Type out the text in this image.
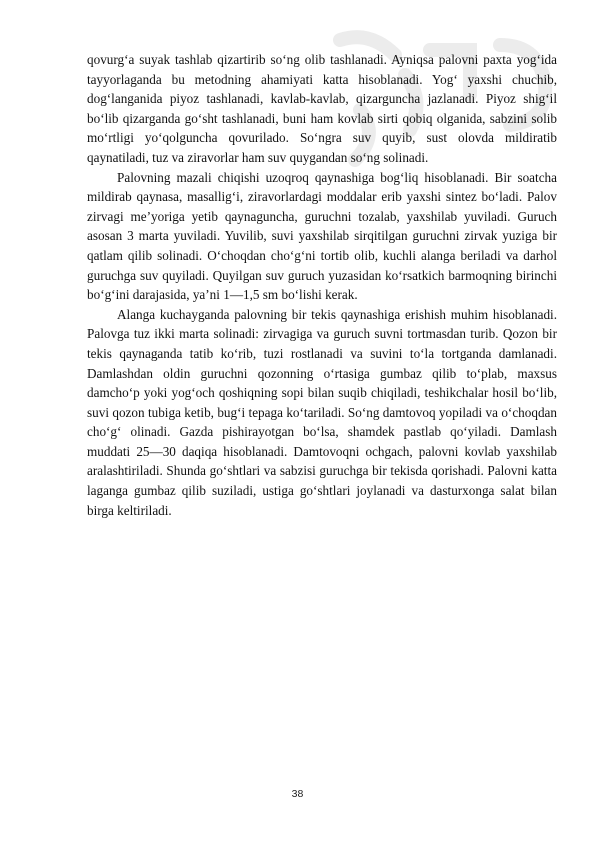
qovurg‘a suyak tashlab qizartirib so‘ng olib tashlanadi. Ayniqsa palovni paxta yog‘ida tayyorlaganda bu metodning ahamiyati katta hisoblanadi. Yog‘ yaxshi chuchib, dog‘langanida piyoz tashlanadi, kavlab-kavlab, qizarguncha jazlanadi. Piyoz shig‘il bo‘lib qizarganda go‘sht tashlanadi, buni ham kovlab sirti qobiq olganida, sabzini solib mo‘rtligi yo‘qolguncha qovuriladо. So‘ngra suv quyib, sust olovda mildiratib qaynatiladi, tuz va ziravorlar ham suv quygandan so‘ng solinadi.

Palovning mazali chiqishi uzoqroq qaynashiga bog‘liq hisoblanadi. Bir soatcha mildirab qaynasa, masallig‘i, ziravorlardagi moddalar erib yaxshi sintez bo‘ladi. Palov zirvagi me’yoriga yetib qaynaguncha, guruchni tozalab, yaxshilab yuviladi. Guruch asosan 3 marta yuviladi. Yuvilib, suvi yaxshilab sirqitilgan guruchni zirvak yuziga bir qatlam qilib solinadi. O‘choqdan cho‘g‘ni tortib olib, kuchli alanga beriladi va darhol guruchga suv quyiladi. Quyilgan suv guruch yuzasidan ko‘rsatkich barmoqning birinchi bo‘g‘ini darajasida, ya’ni 1—1,5 sm bo‘lishi kerak.

Alanga kuchayganda palovning bir tekis qaynashiga erishish muhim hisoblanadi. Palovga tuz ikki marta solinadi: zirvagiga va guruch suvni tortmasdan turib. Qozon bir tekis qaynaganda tatib ko‘rib, tuzi rostlanadi va suvini to‘la tortganda damlanadi. Damlashdan oldin guruchni qozonning o‘rtasiga gumbaz qilib to‘plab, maxsus damcho‘p yoki yog‘och qoshiqning sopi bilan suqib chiqiladi, teshikchalar hosil bo‘lib, suvi qozon tubiga ketib, bug‘i tepaga ko‘tariladi. So‘ng damtovoq yopiladi va o‘choqdan cho‘g‘ olinadi. Gazda pishirayotgan bo‘lsa, shamdek pastlab qo‘yiladi. Damlash muddati 25—30 daqiqa hisoblanadi. Damtovoqni ochgach, palovni kovlab yaxshilab aralashtiriladi. Shunda go‘shtlari va sabzisi guruchga bir tekisda qorishadi. Palovni katta laganga gumbaz qilib suziladi, ustiga go‘shtlari joylanadi va dasturxonga salat bilan birga keltiriladi.

38
